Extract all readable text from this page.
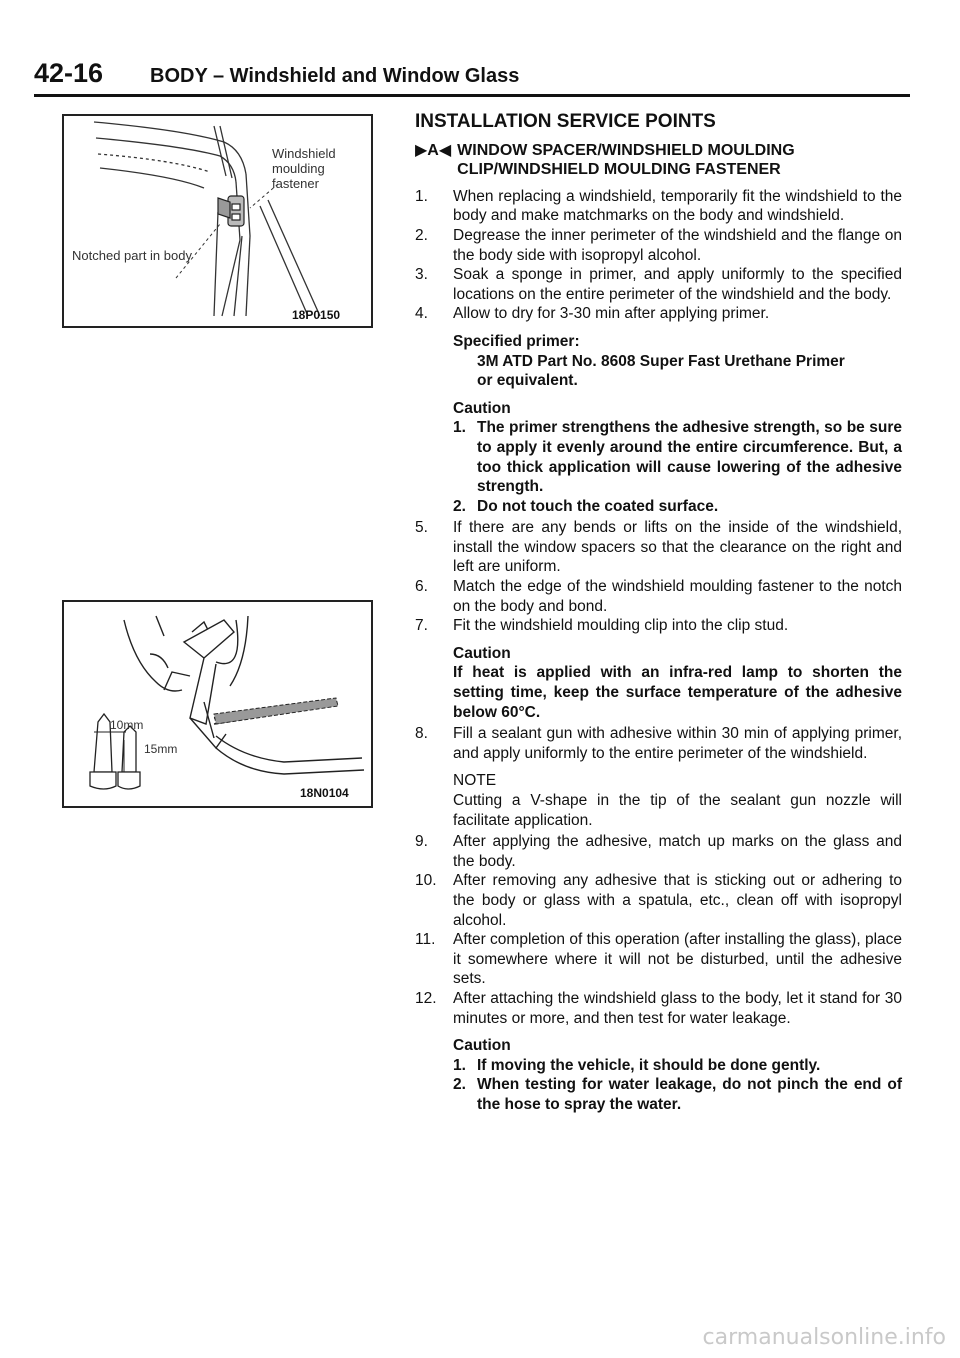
42-16 BODY – Windshield and Window Glass
Windshield
moulding
fastener
Notched part in body
18P0150
10mm
15mm
18N0104
INSTALLATION SERVICE POINTS
▶A◀ WINDOW SPACER/WINDSHIELD MOULDING CLIP/WINDSHIELD MOULDING FASTENER
1.	When replacing a windshield, temporarily fit the windshield to the body and make matchmarks on the body and windshield.
2.	Degrease the inner perimeter of the windshield and the flange on the body side with isopropyl alcohol.
3.	Soak a sponge in primer, and apply uniformly to the specified locations on the entire perimeter of the windshield and the body.
4.	Allow to dry for 3-30 min after applying primer.
Specified primer:
3M ATD Part No. 8608 Super Fast Urethane Primer
or equivalent.
Caution
1. The primer strengthens the adhesive strength, so be sure to apply it evenly around the entire circumference. But, a too thick application will cause lowering of the adhesive strength.
2. Do not touch the coated surface.
5.	If there are any bends or lifts on the inside of the windshield, install the window spacers so that the clearance on the right and left are uniform.
6.	Match the edge of the windshield moulding fastener to the notch on the body and bond.
7.	Fit the windshield moulding clip into the clip stud.
Caution
If heat is applied with an infra-red lamp to shorten the setting time, keep the surface temperature of the adhesive below 60°C.
8.	Fill a sealant gun with adhesive within 30 min of applying primer, and apply uniformly to the entire perimeter of the windshield.
NOTE
Cutting a V-shape in the tip of the sealant gun nozzle will facilitate application.
9.	After applying the adhesive, match up marks on the glass and the body.
10.	After removing any adhesive that is sticking out or adhering to the body or glass with a spatula, etc., clean off with isopropyl alcohol.
11.	After completion of this operation (after installing the glass), place it somewhere where it will not be disturbed, until the adhesive sets.
12.	After attaching the windshield glass to the body, let it stand for 30 minutes or more, and then test for water leakage.
Caution
1. If moving the vehicle, it should be done gently.
2. When testing for water leakage, do not pinch the end of the hose to spray the water.
carmanualsonline.info
